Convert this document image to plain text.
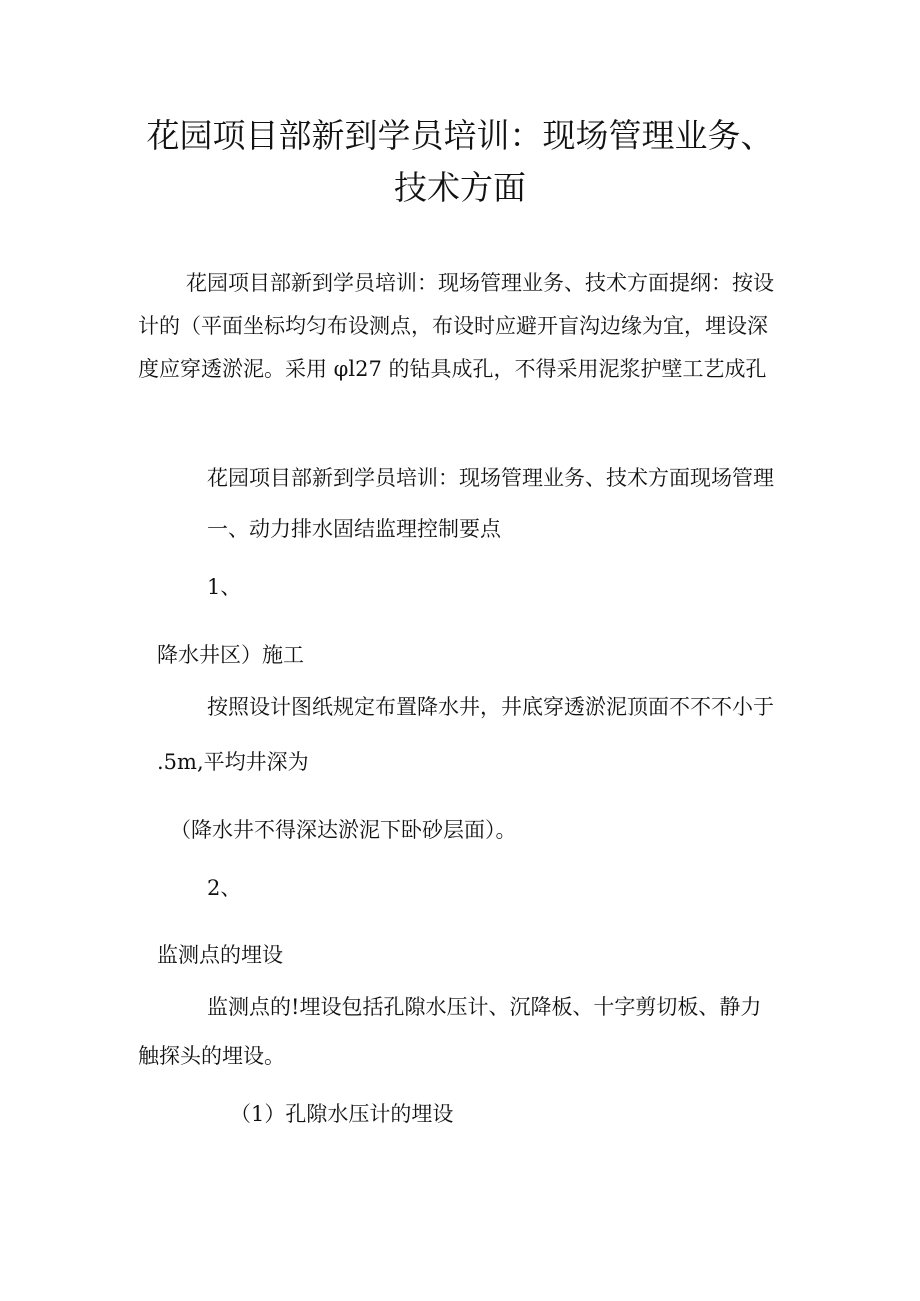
花园项目部新到学员培训：现场管理业务、
技术方面
花园项目部新到学员培训：现场管理业务、技术方面提纲：按设
计的（平面坐标均匀布设测点，布设时应避开盲沟边缘为宜，埋设深
度应穿透淤泥。采用 φl27 的钻具成孔，不得采用泥浆护壁工艺成孔
花园项目部新到学员培训：现场管理业务、技术方面现场管理
一、动力排水固结监理控制要点
1、
降水井区）施工
按照设计图纸规定布置降水井，井底穿透淤泥顶面不不不小于
.5m,平均井深为
（降水井不得深达淤泥下卧砂层面）。
2、
监测点的埋设
监测点的!埋设包括孔隙水压计、沉降板、十字剪切板、静力
触探头的埋设。
（1）孔隙水压计的埋设
